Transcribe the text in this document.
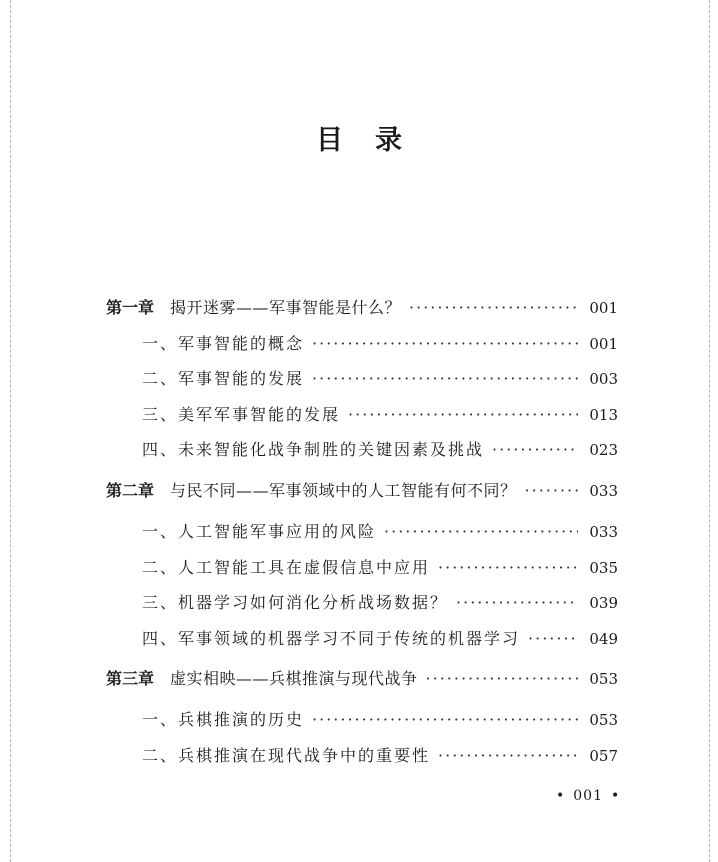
目录
第一章 揭开迷雾——军事智能是什么？ ·····	001
一、军事智能的概念 ·····	001
二、军事智能的发展 ·····	003
三、美军军事智能的发展 ·····	013
四、未来智能化战争制胜的关键因素及挑战 ·····	023
第二章 与民不同——军事领域中的人工智能有何不同？ ·····	033
一、人工智能军事应用的风险 ·····	033
二、人工智能工具在虚假信息中应用 ·····	035
三、机器学习如何消化分析战场数据？ ·····	039
四、军事领域的机器学习不同于传统的机器学习 ·····	049
第三章 虚实相映——兵棋推演与现代战争 ·····	053
一、兵棋推演的历史 ·····	053
二、兵棋推演在现代战争中的重要性 ·····	057
• 001 •
